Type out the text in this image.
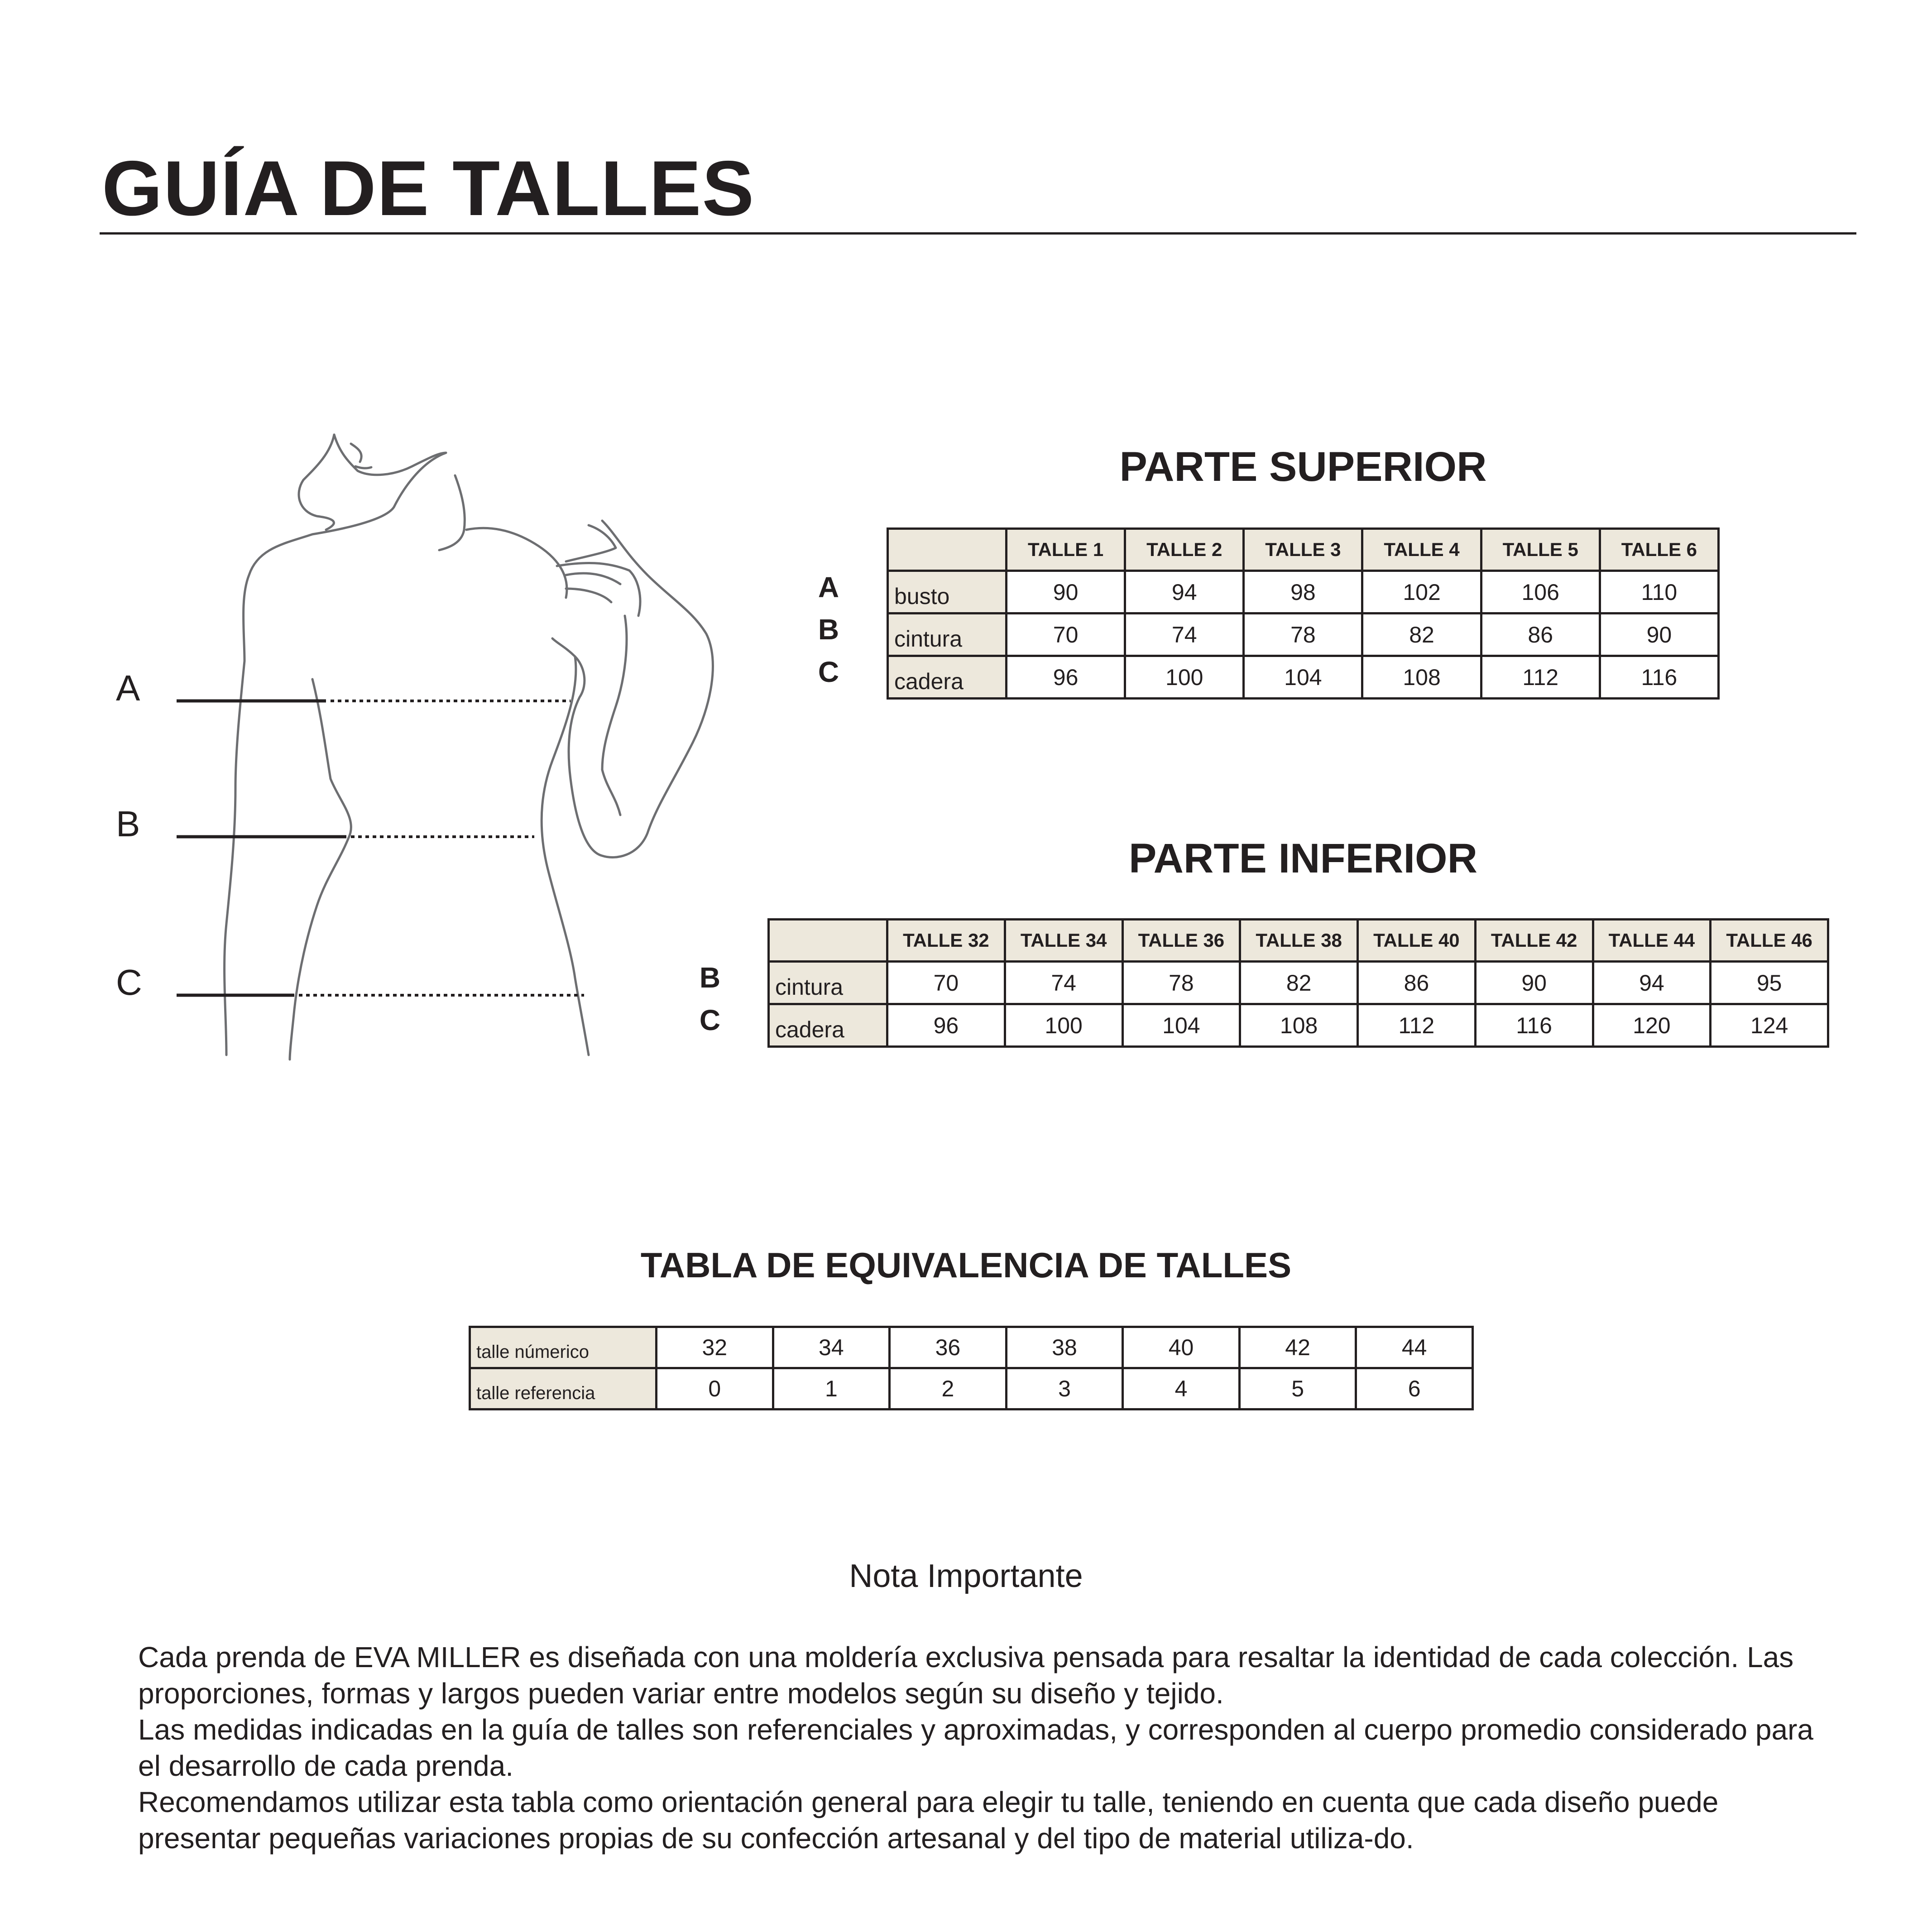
GUÍA DE TALLES
A
B
C
PARTE SUPERIOR
A
B
C
	TALLE 1	TALLE 2	TALLE 3	TALLE 4	TALLE 5	TALLE 6
busto	90	94	98	102	106	110
cintura	70	74	78	82	86	90
cadera	96	100	104	108	112	116
PARTE INFERIOR
B
C
	TALLE 32	TALLE 34	TALLE 36	TALLE 38	TALLE 40	TALLE 42	TALLE 44	TALLE 46
cintura	70	74	78	82	86	90	94	95
cadera	96	100	104	108	112	116	120	124
TABLA DE EQUIVALENCIA DE TALLES
talle númerico	32	34	36	38	40	42	44
talle referencia	0	1	2	3	4	5	6
Nota Importante

Cada prenda de EVA MILLER es diseñada con una moldería exclusiva pensada para resaltar la identidad de cada colección. Las proporciones, formas y largos pueden variar entre modelos según su diseño y tejido.

Las medidas indicadas en la guía de talles son referenciales y aproximadas, y corresponden al cuerpo promedio considerado para el desarrollo de cada prenda.

Recomendamos utilizar esta tabla como orientación general para elegir tu talle, teniendo en cuenta que cada diseño puede presentar pequeñas variaciones propias de su confección artesanal y del tipo de material utiliza-do.
